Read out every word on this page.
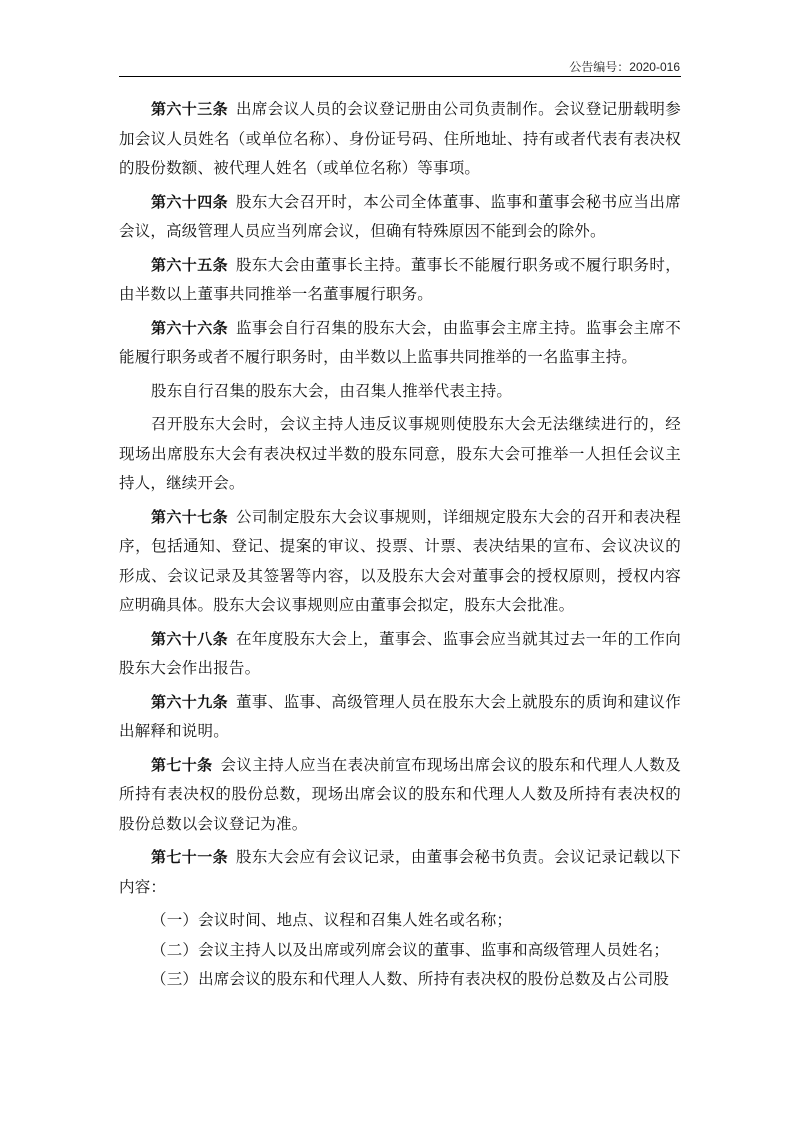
公告编号：2020-016

第六十三条 出席会议人员的会议登记册由公司负责制作。会议登记册载明参加会议人员姓名（或单位名称）、身份证号码、住所地址、持有或者代表有表决权的股份数额、被代理人姓名（或单位名称）等事项。

第六十四条 股东大会召开时，本公司全体董事、监事和董事会秘书应当出席会议，高级管理人员应当列席会议，但确有特殊原因不能到会的除外。

第六十五条 股东大会由董事长主持。董事长不能履行职务或不履行职务时，由半数以上董事共同推举一名董事履行职务。

第六十六条 监事会自行召集的股东大会，由监事会主席主持。监事会主席不能履行职务或者不履行职务时，由半数以上监事共同推举的一名监事主持。

股东自行召集的股东大会，由召集人推举代表主持。

召开股东大会时，会议主持人违反议事规则使股东大会无法继续进行的，经现场出席股东大会有表决权过半数的股东同意，股东大会可推举一人担任会议主持人，继续开会。

第六十七条 公司制定股东大会议事规则，详细规定股东大会的召开和表决程序，包括通知、登记、提案的审议、投票、计票、表决结果的宣布、会议决议的形成、会议记录及其签署等内容，以及股东大会对董事会的授权原则，授权内容应明确具体。股东大会议事规则应由董事会拟定，股东大会批准。

第六十八条 在年度股东大会上，董事会、监事会应当就其过去一年的工作向股东大会作出报告。

第六十九条 董事、监事、高级管理人员在股东大会上就股东的质询和建议作出解释和说明。

第七十条 会议主持人应当在表决前宣布现场出席会议的股东和代理人人数及所持有表决权的股份总数，现场出席会议的股东和代理人人数及所持有表决权的股份总数以会议登记为准。

第七十一条 股东大会应有会议记录，由董事会秘书负责。会议记录记载以下内容：

（一）会议时间、地点、议程和召集人姓名或名称；

（二）会议主持人以及出席或列席会议的董事、监事和高级管理人员姓名；

（三）出席会议的股东和代理人人数、所持有表决权的股份总数及占公司股
